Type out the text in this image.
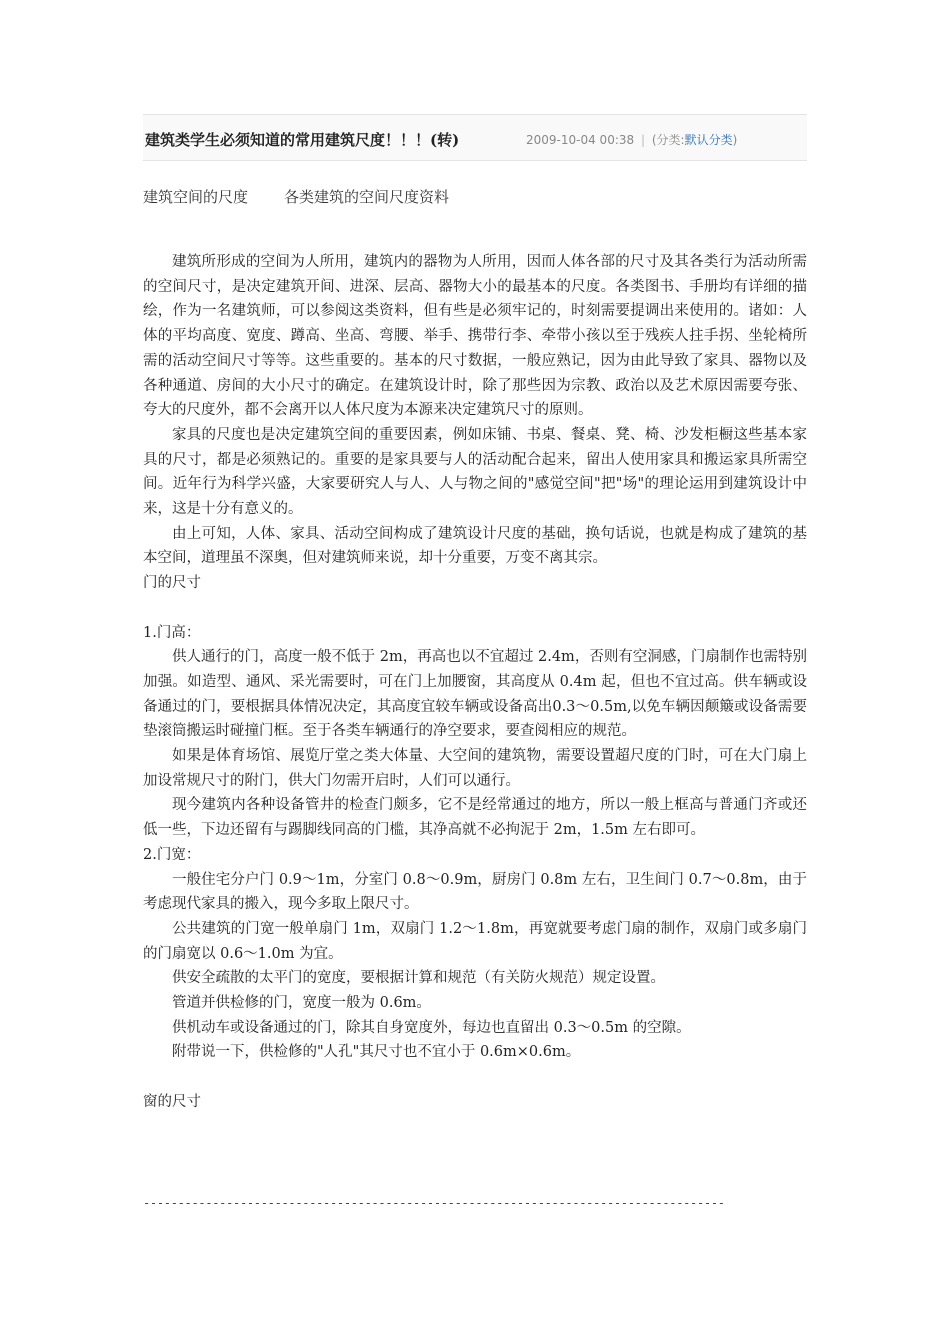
建筑类学生必须知道的常用建筑尺度！！！(转)	2009-10-04 00:38 | (分类:默认分类)
建筑空间的尺度 各类建筑的空间尺度资料

建筑所形成的空间为人所用，建筑内的器物为人所用，因而人体各部的尺寸及其各类行为活动所需的空间尺寸，是决定建筑开间、进深、层高、器物大小的最基本的尺度。各类图书、手册均有详细的描绘，作为一名建筑师，可以参阅这类资料，但有些是必须牢记的，时刻需要提调出来使用的。诸如：人体的平均高度、宽度、蹲高、坐高、弯腰、举手、携带行李、牵带小孩以至于残疾人拄手拐、坐轮椅所需的活动空间尺寸等等。这些重要的。基本的尺寸数据，一般应熟记，因为由此导致了家具、器物以及各种通道、房间的大小尺寸的确定。在建筑设计时，除了那些因为宗教、政治以及艺术原因需要夸张、夸大的尺度外，都不会离开以人体尺度为本源来决定建筑尺寸的原则。

家具的尺度也是决定建筑空间的重要因素，例如床铺、书桌、餐桌、凳、椅、沙发柜橱这些基本家具的尺寸，都是必须熟记的。重要的是家具要与人的活动配合起来，留出人使用家具和搬运家具所需空间。近年行为科学兴盛，大家要研究人与人、人与物之间的"感觉空间"把"场"的理论运用到建筑设计中来，这是十分有意义的。

由上可知，人体、家具、活动空间构成了建筑设计尺度的基础，换句话说，也就是构成了建筑的基本空间，道理虽不深奥，但对建筑师来说，却十分重要，万变不离其宗。

门的尺寸

1.门高：

供人通行的门，高度一般不低于 2m，再高也以不宜超过 2.4m，否则有空洞感，门扇制作也需特别加强。如造型、通风、采光需要时，可在门上加腰窗，其高度从 0.4m 起，但也不宜过高。供车辆或设备通过的门，要根据具体情况决定，其高度宜较车辆或设备高出0.3～0.5m,以免车辆因颠簸或设备需要垫滚筒搬运时碰撞门框。至于各类车辆通行的净空要求，要查阅相应的规范。

如果是体育场馆、展览厅堂之类大体量、大空间的建筑物，需要设置超尺度的门时，可在大门扇上加设常规尺寸的附门，供大门勿需开启时，人们可以通行。

现今建筑内各种设备管井的检查门颇多，它不是经常通过的地方，所以一般上框高与普通门齐或还低一些，下边还留有与踢脚线同高的门槛，其净高就不必拘泥于 2m，1.5m 左右即可。

2.门宽：

一般住宅分户门 0.9～1m，分室门 0.8～0.9m，厨房门 0.8m 左右，卫生间门 0.7～0.8m，由于考虑现代家具的搬入，现今多取上限尺寸。

公共建筑的门宽一般单扇门 1m，双扇门 1.2～1.8m，再宽就要考虑门扇的制作，双扇门或多扇门的门扇宽以 0.6～1.0m 为宜。

供安全疏散的太平门的宽度，要根据计算和规范（有关防火规范）规定设置。

管道并供检修的门，宽度一般为 0.6m。

供机动车或设备通过的门，除其自身宽度外，每边也直留出 0.3～0.5m 的空隙。

附带说一下，供检修的"人孔"其尺寸也不宜小于 0.6m×0.6m。

窗的尺寸

------------------------------------------------------------------------------------
